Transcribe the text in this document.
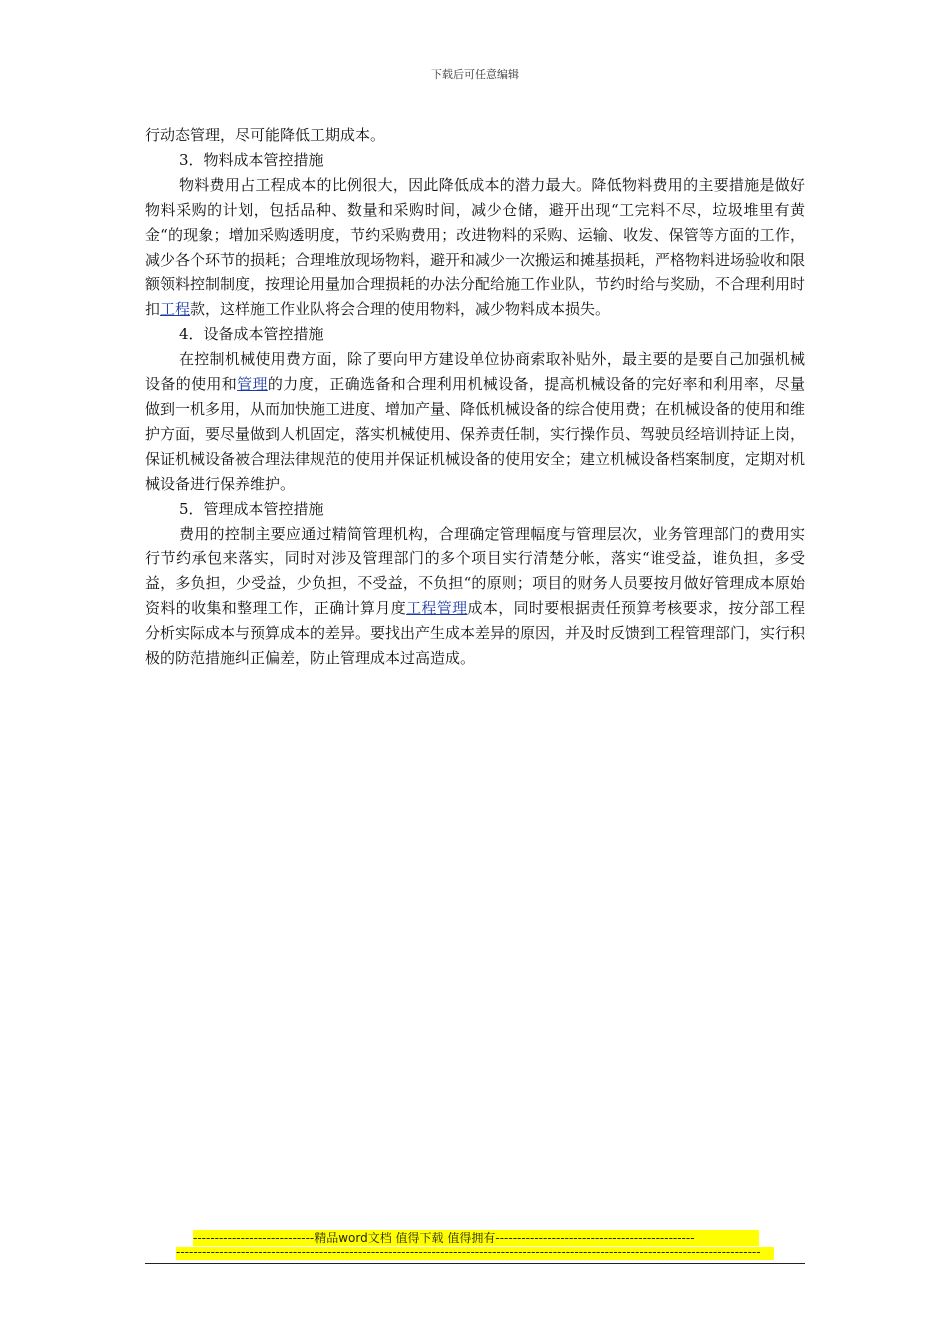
下载后可任意编辑

行动态管理，尽可能降低工期成本。

3．物料成本管控措施

物料费用占工程成本的比例很大，因此降低成本的潜力最大。降低物料费用的主要措施是做好物料采购的计划，包括品种、数量和采购时间，减少仓储，避开出现“工完料不尽，垃圾堆里有黄金“的现象；增加采购透明度，节约采购费用；改进物料的采购、运输、收发、保管等方面的工作，减少各个环节的损耗；合理堆放现场物料，避开和减少一次搬运和摊基损耗，严格物料进场验收和限额领料控制制度，按理论用量加合理损耗的办法分配给施工作业队，节约时给与奖励，不合理利用时扣工程款，这样施工作业队将会合理的使用物料，减少物料成本损失。

4．设备成本管控措施

在控制机械使用费方面，除了要向甲方建设单位协商索取补贴外，最主要的是要自己加强机械设备的使用和管理的力度，正确选备和合理利用机械设备，提高机械设备的完好率和利用率，尽量做到一机多用，从而加快施工进度、增加产量、降低机械设备的综合使用费；在机械设备的使用和维护方面，要尽量做到人机固定，落实机械使用、保养责任制，实行操作员、驾驶员经培训持证上岗，保证机械设备被合理法律规范的使用并保证机械设备的使用安全；建立机械设备档案制度，定期对机械设备进行保养维护。

5．管理成本管控措施

费用的控制主要应通过精简管理机构，合理确定管理幅度与管理层次，业务管理部门的费用实行节约承包来落实，同时对涉及管理部门的多个项目实行清楚分帐，落实“谁受益，谁负担，多受益，多负担，少受益，少负担，不受益，不负担“的原则；项目的财务人员要按月做好管理成本原始资料的收集和整理工作，正确计算月度工程管理成本，同时要根据责任预算考核要求，按分部工程分析实际成本与预算成本的差异。要找出产生成本差异的原因，并及时反馈到工程管理部门，实行积极的防范措施纠正偏差，防止管理成本过高造成。

----------------------------精品word文档 值得下载 值得拥有----------------------------------------------
---------------------------------------------------------------------------------------------------------------------------------------
